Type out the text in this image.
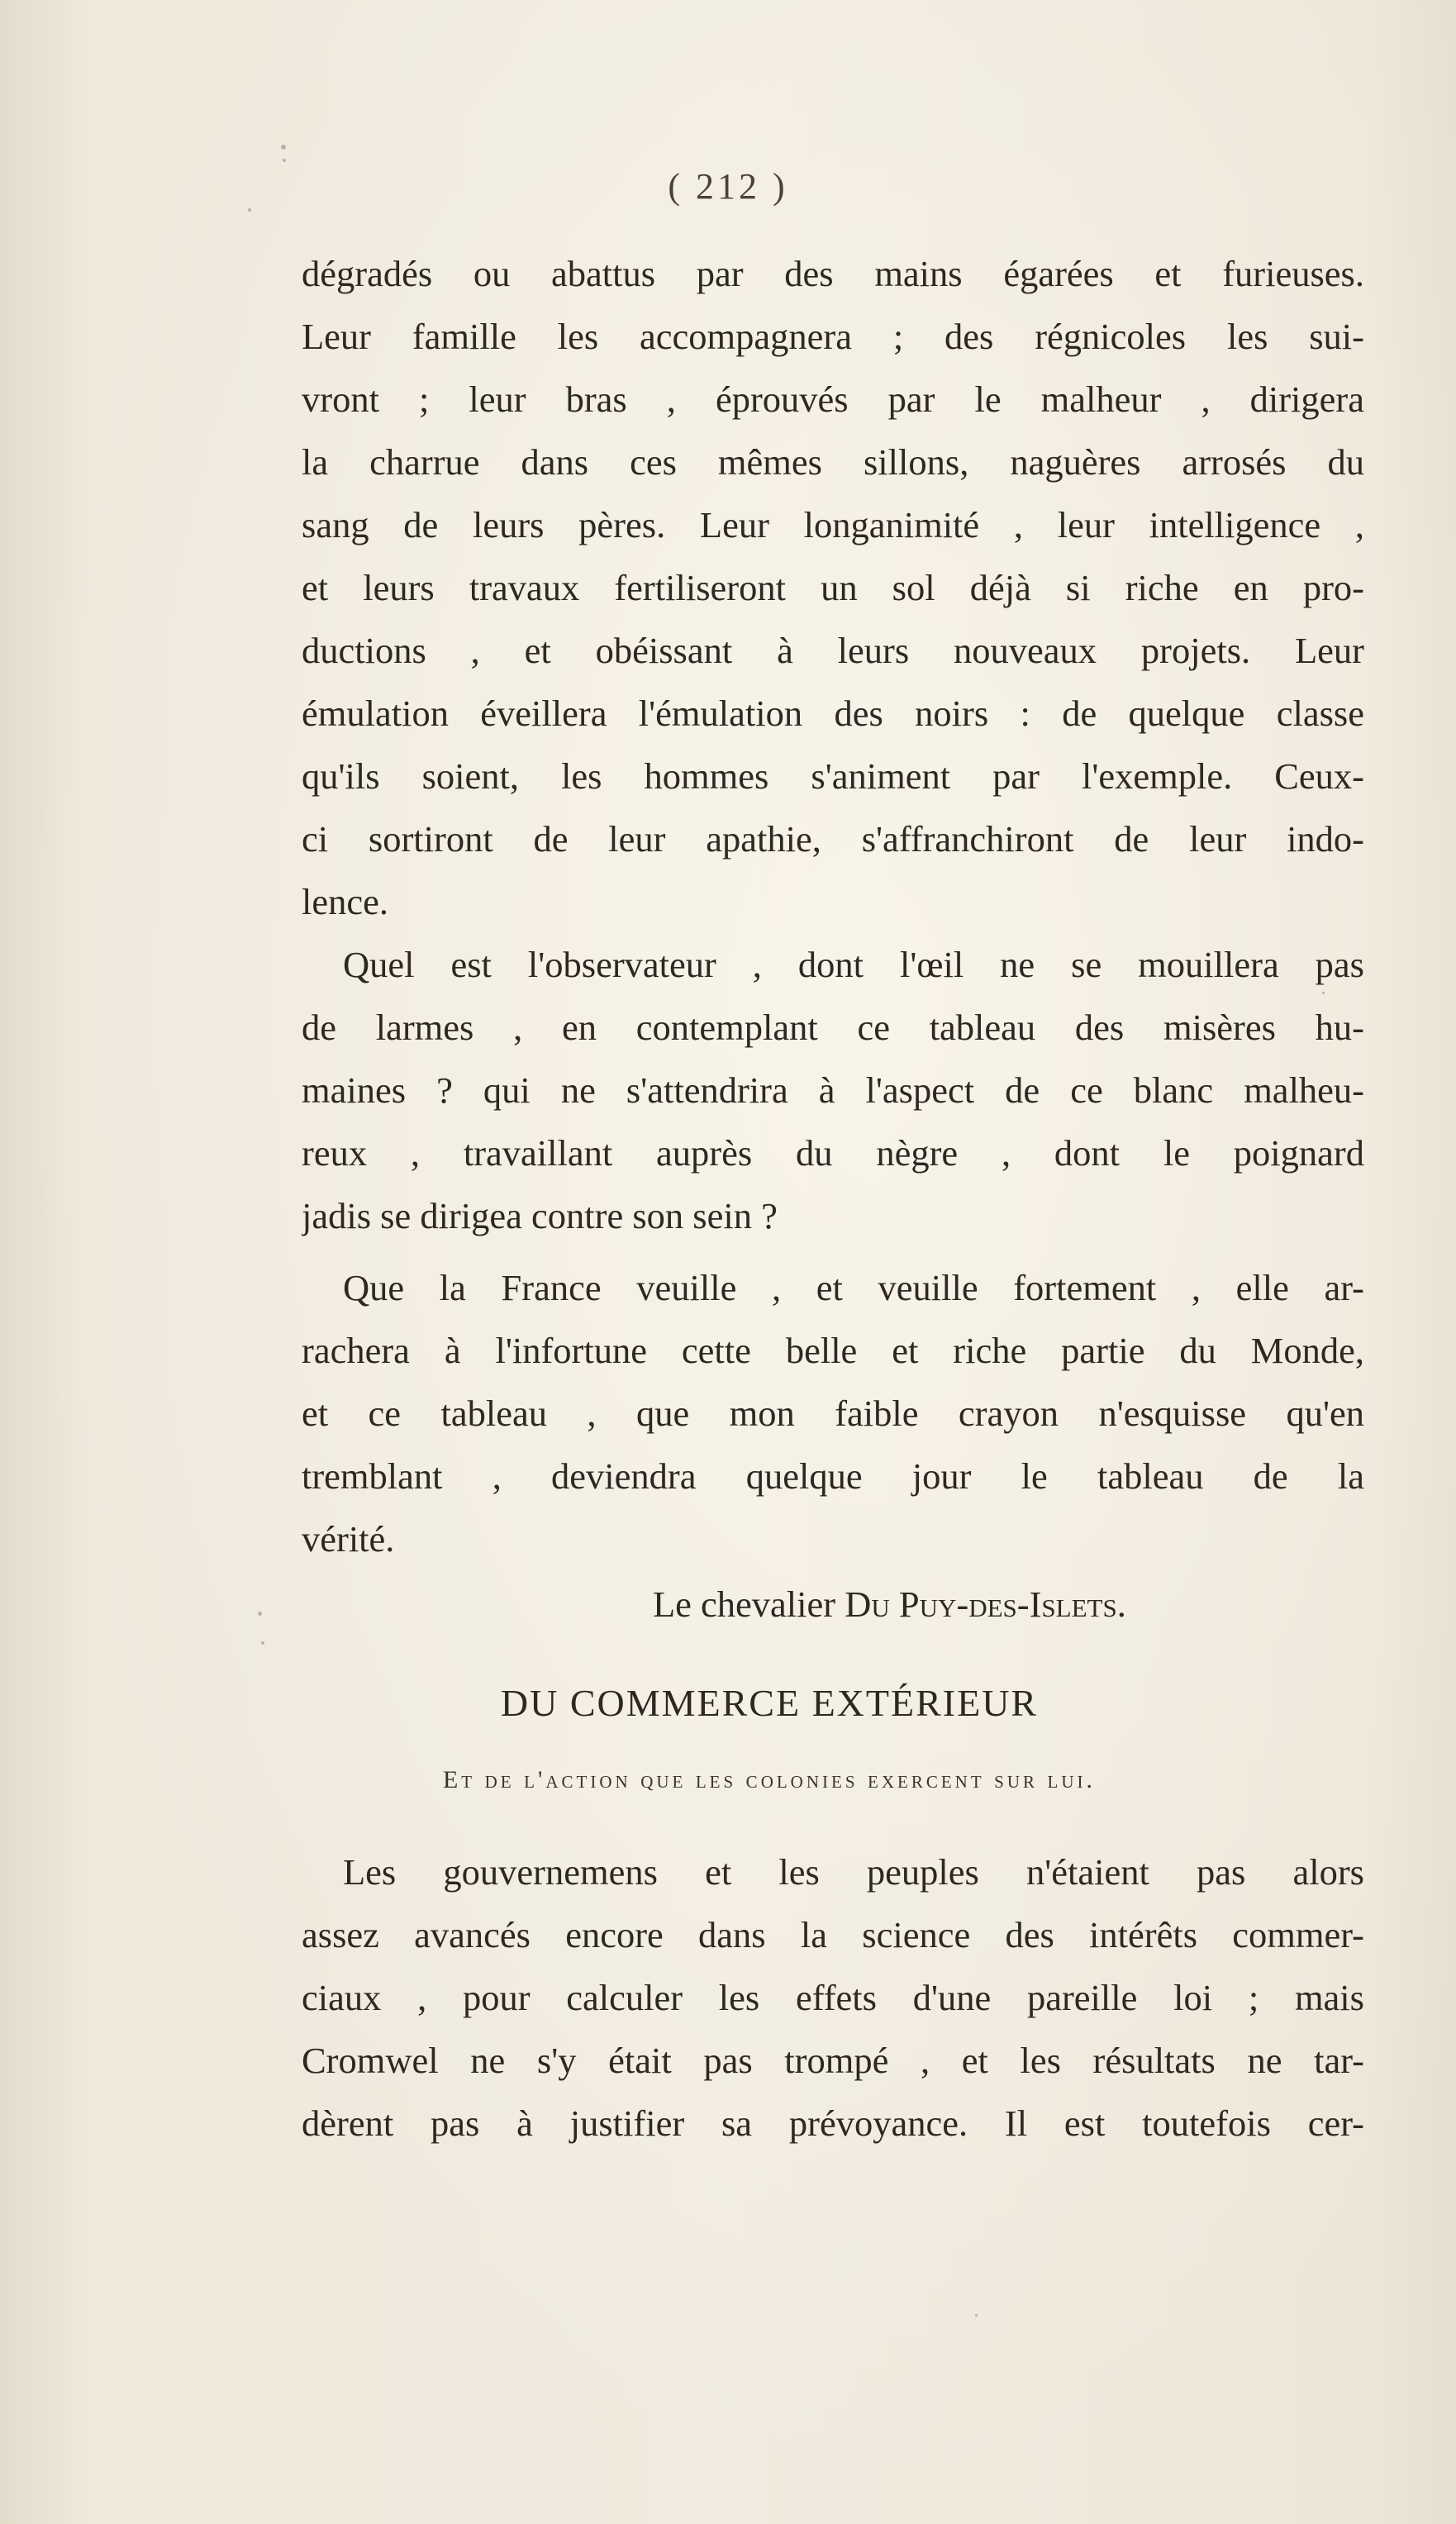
( 212 )
dégradés ou abattus par des mains égarées et furieuses.
Leur famille les accompagnera ; des régnicoles les sui-
vront ; leur bras , éprouvés par le malheur , dirigera
la charrue dans ces mêmes sillons, naguères arrosés du
sang de leurs pères. Leur longanimité , leur intelligence ,
et leurs travaux fertiliseront un sol déjà si riche en pro-
ductions , et obéissant à leurs nouveaux projets. Leur
émulation éveillera l'émulation des noirs : de quelque classe
qu'ils soient, les hommes s'animent par l'exemple. Ceux-
ci sortiront de leur apathie, s'affranchiront de leur indo-
lence.
Quel est l'observateur , dont l'œil ne se mouillera pas
de larmes , en contemplant ce tableau des misères hu-
maines ? qui ne s'attendrira à l'aspect de ce blanc malheu-
reux , travaillant auprès du nègre , dont le poignard
jadis se dirigea contre son sein ?
Que la France veuille , et veuille fortement , elle ar-
rachera à l'infortune cette belle et riche partie du Monde,
et ce tableau , que mon faible crayon n'esquisse qu'en
tremblant , deviendra quelque jour le tableau de la
vérité.
Le chevalier Du Puy-des-Islets.
DU COMMERCE EXTÉRIEUR
Et de l'action que les colonies exercent sur lui.
Les gouvernemens et les peuples n'étaient pas alors
assez avancés encore dans la science des intérêts commer-
ciaux , pour calculer les effets d'une pareille loi ; mais
Cromwel ne s'y était pas trompé , et les résultats ne tar-
dèrent pas à justifier sa prévoyance. Il est toutefois cer-
